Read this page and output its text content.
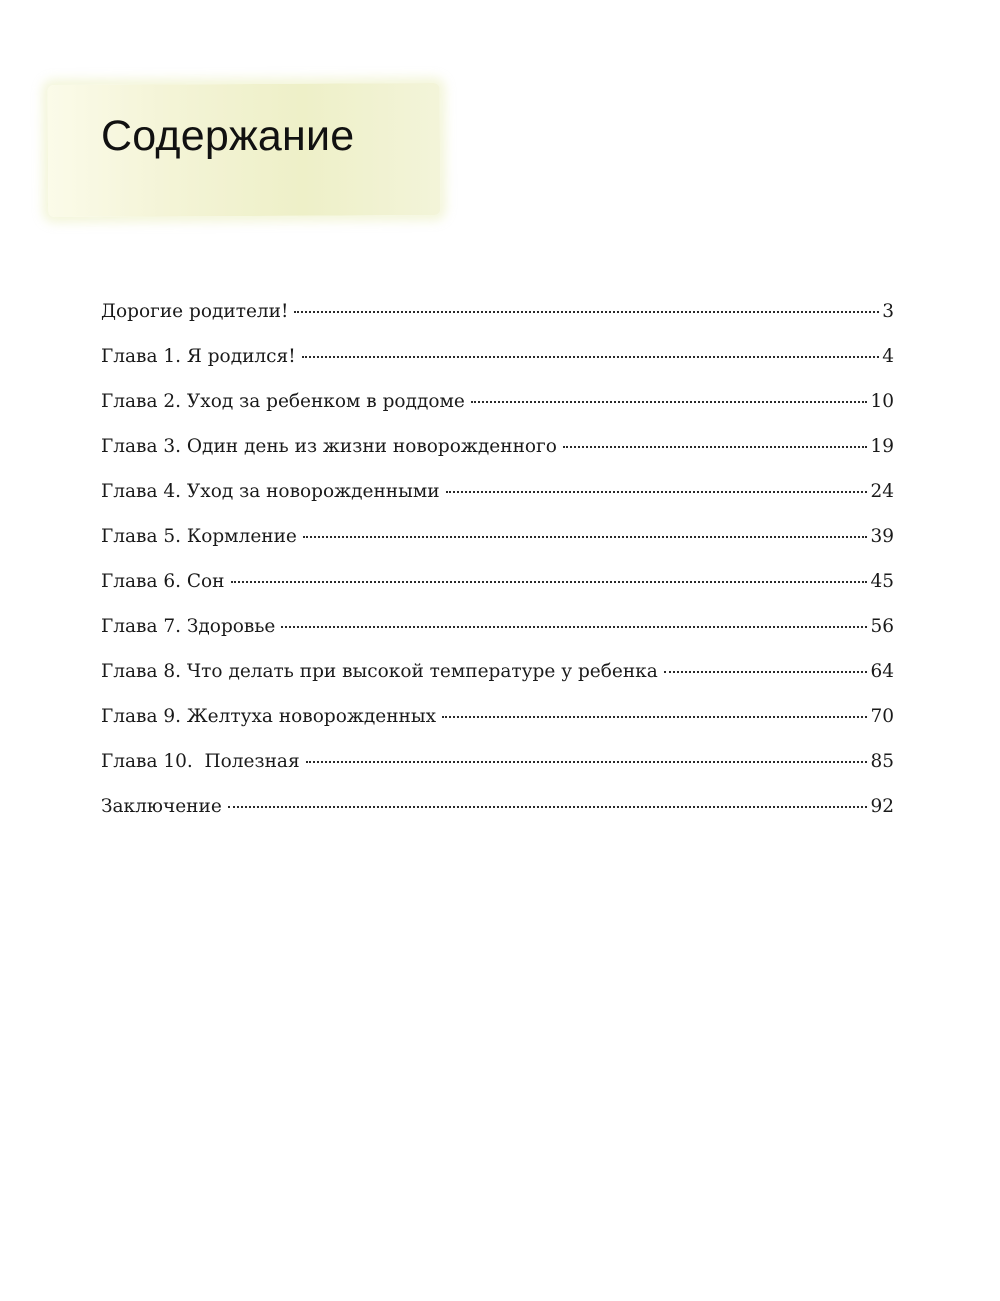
Содержание
Дорогие родители!	3
Глава 1. Я родился!	4
Глава 2. Уход за ребенком в роддоме	10
Глава 3. Один день из жизни новорожденного	19
Глава 4. Уход за новорожденными	24
Глава 5. Кормление	39
Глава 6. Сон	45
Глава 7. Здоровье	56
Глава 8. Что делать при высокой температуре у ребенка	64
Глава 9. Желтуха новорожденных	70
Глава 10.  Полезная	85
Заключение	92
